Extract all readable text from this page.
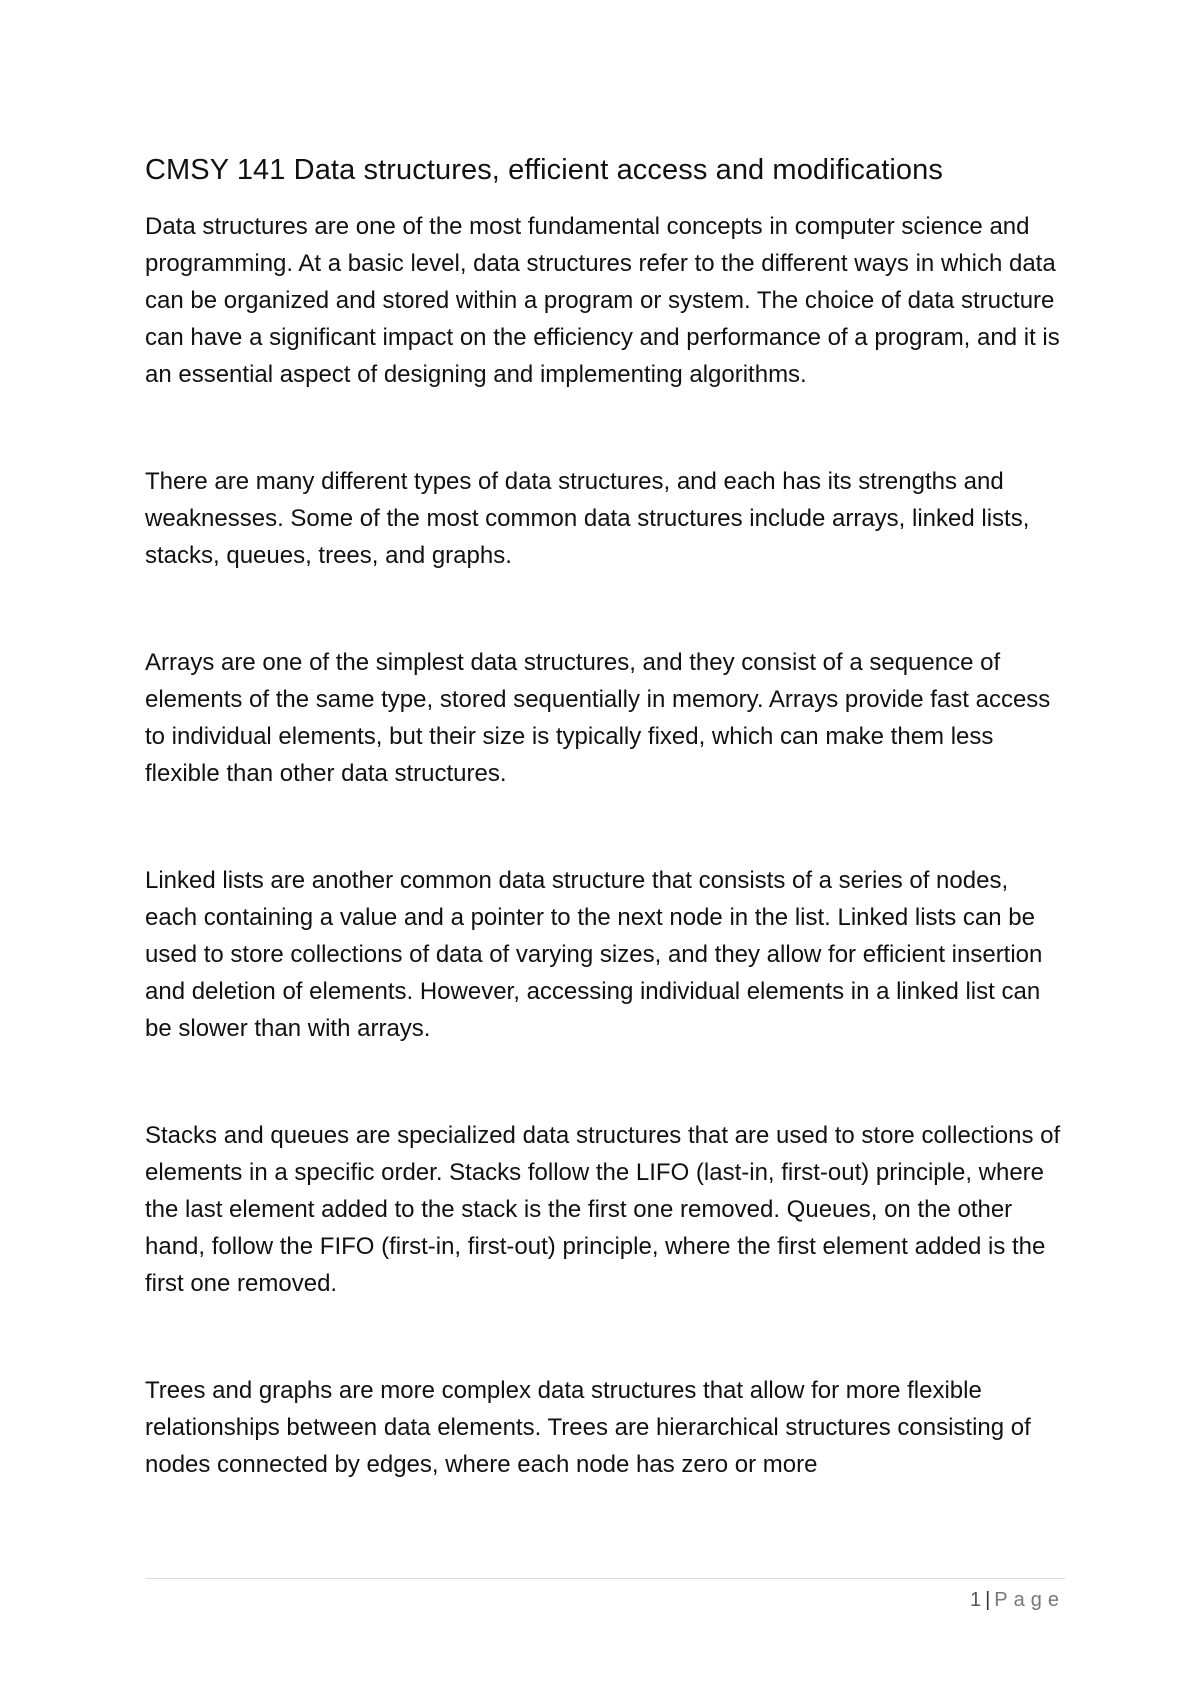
CMSY 141 Data structures, efficient access and modifications

Data structures are one of the most fundamental concepts in computer science and programming. At a basic level, data structures refer to the different ways in which data can be organized and stored within a program or system. The choice of data structure can have a significant impact on the efficiency and performance of a program, and it is an essential aspect of designing and implementing algorithms.

There are many different types of data structures, and each has its strengths and weaknesses. Some of the most common data structures include arrays, linked lists, stacks, queues, trees, and graphs.

Arrays are one of the simplest data structures, and they consist of a sequence of elements of the same type, stored sequentially in memory. Arrays provide fast access to individual elements, but their size is typically fixed, which can make them less flexible than other data structures.

Linked lists are another common data structure that consists of a series of nodes, each containing a value and a pointer to the next node in the list. Linked lists can be used to store collections of data of varying sizes, and they allow for efficient insertion and deletion of elements. However, accessing individual elements in a linked list can be slower than with arrays.

Stacks and queues are specialized data structures that are used to store collections of elements in a specific order. Stacks follow the LIFO (last-in, first-out) principle, where the last element added to the stack is the first one removed. Queues, on the other hand, follow the FIFO (first-in, first-out) principle, where the first element added is the first one removed.

Trees and graphs are more complex data structures that allow for more flexible relationships between data elements. Trees are hierarchical structures consisting of nodes connected by edges, where each node has zero or more

1 | Page
